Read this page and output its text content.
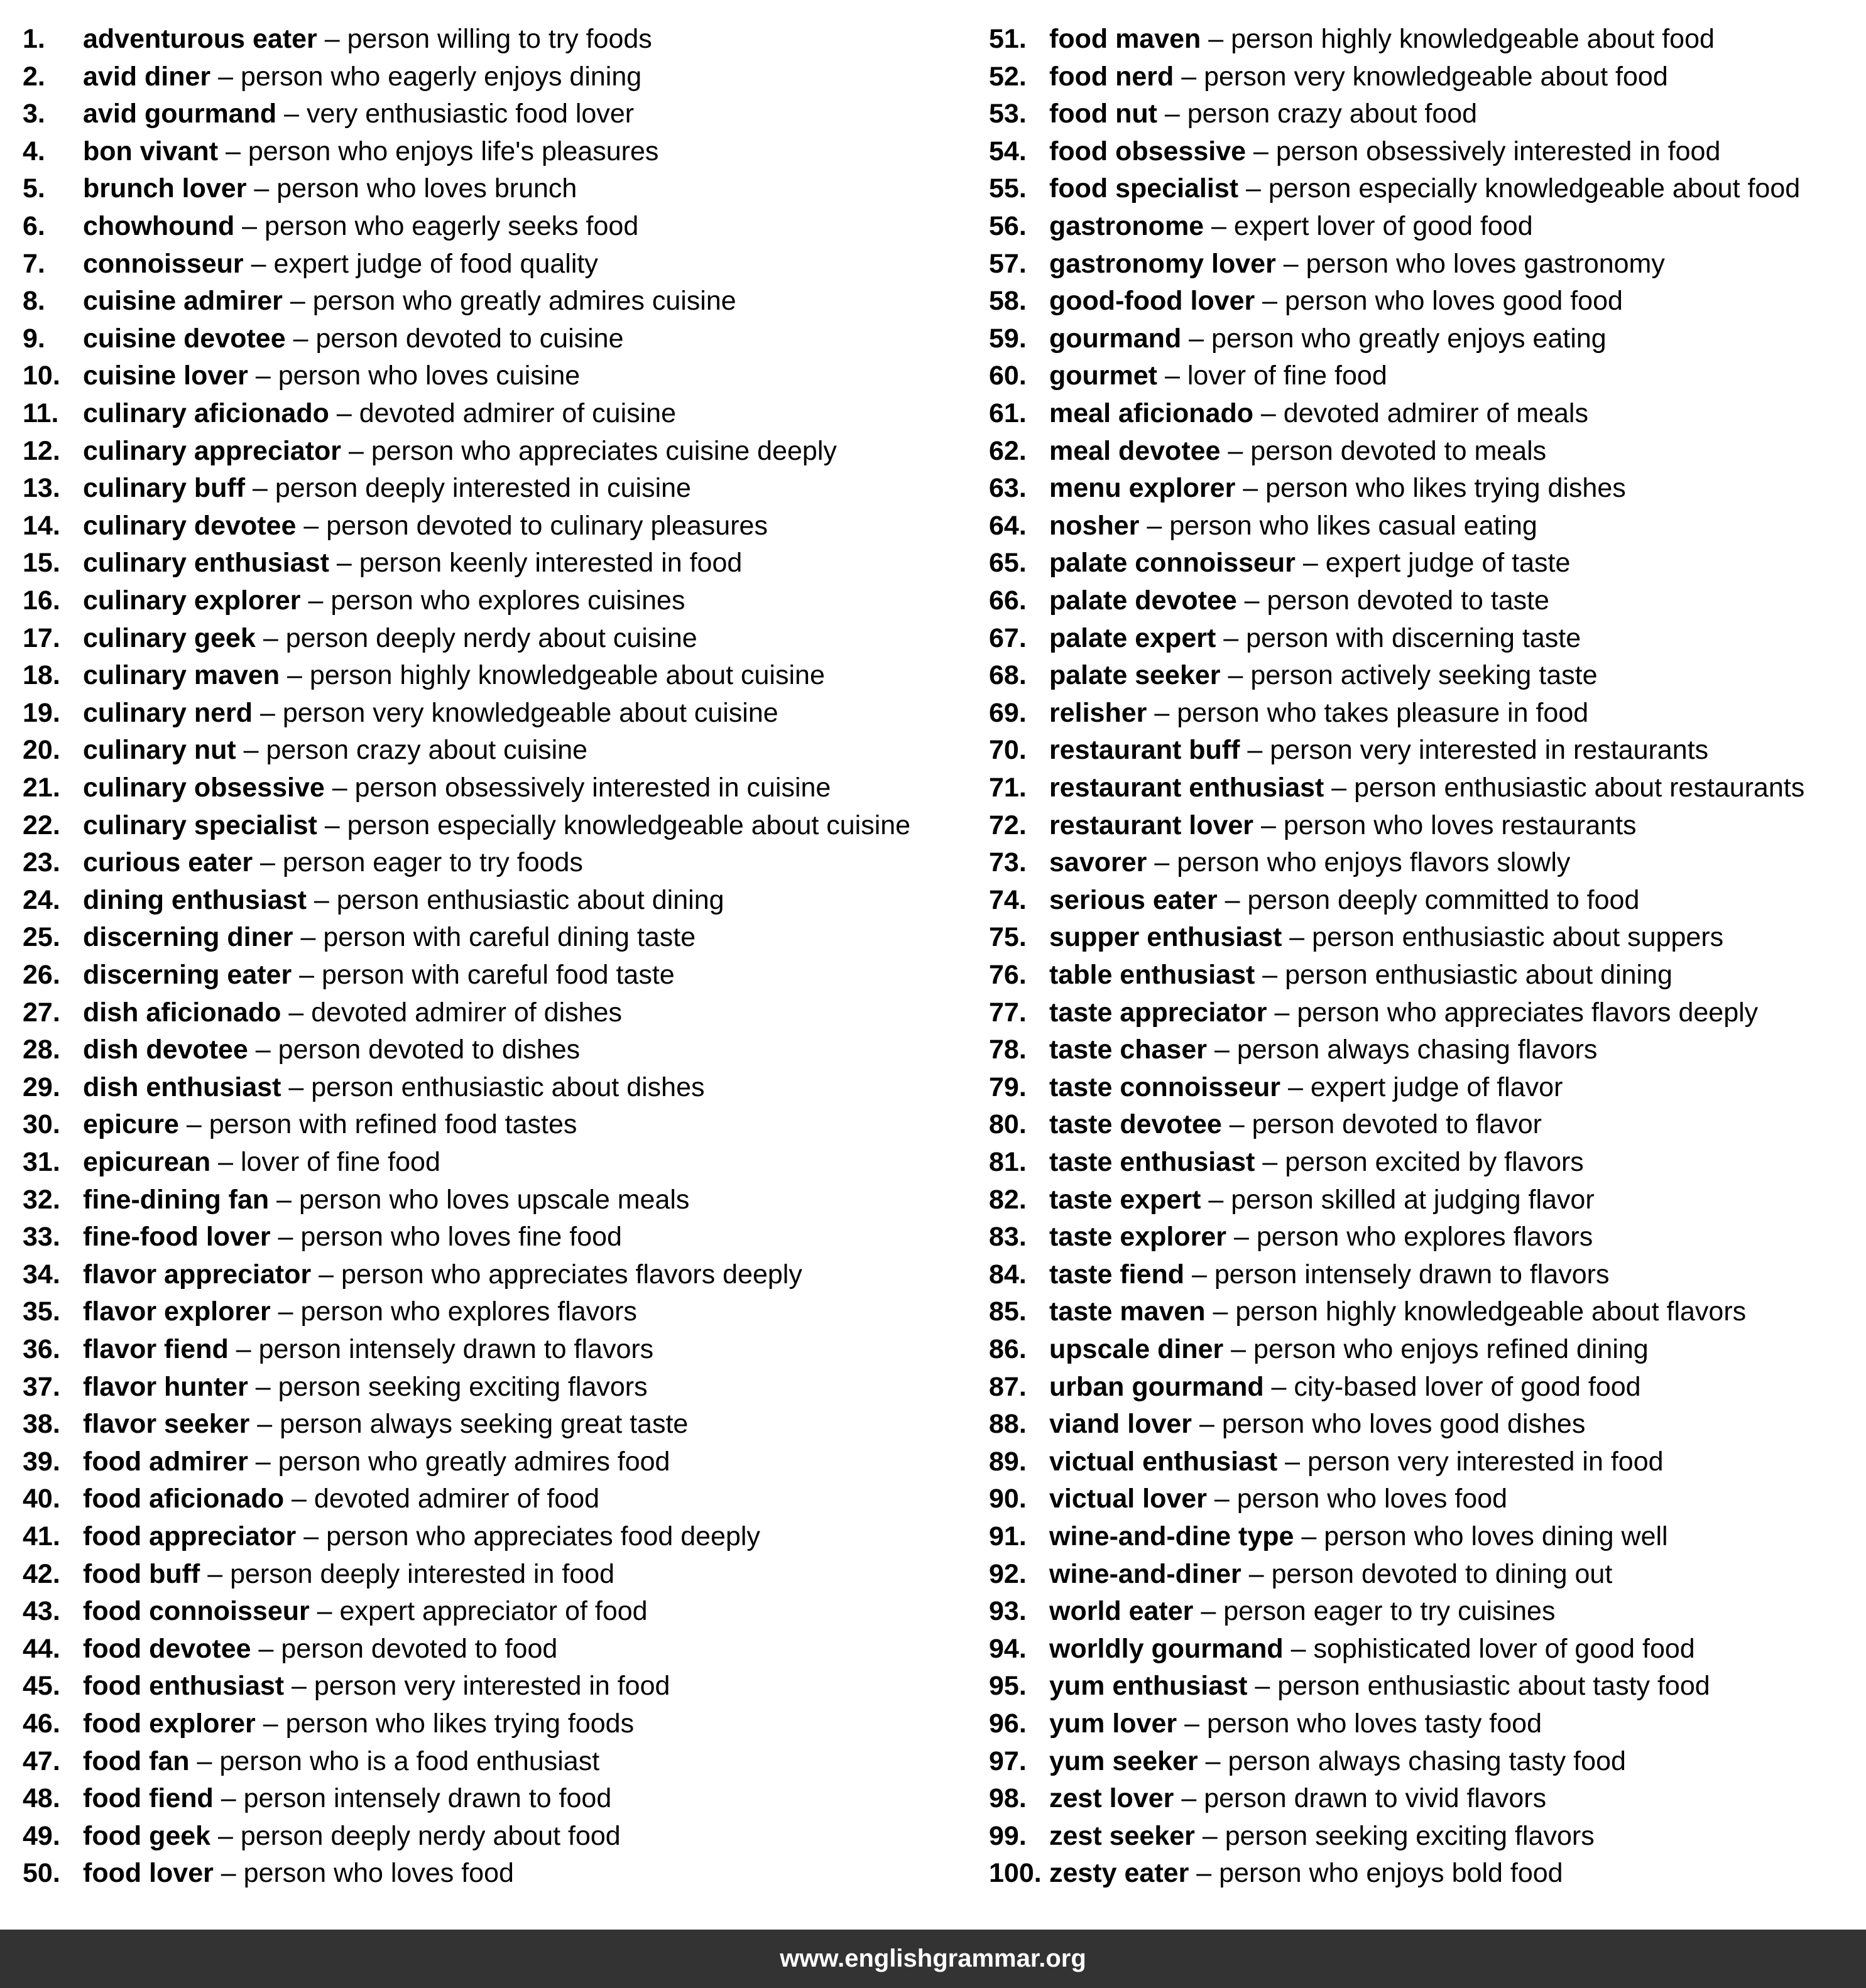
1. adventurous eater – person willing to try foods
2. avid diner – person who eagerly enjoys dining
3. avid gourmand – very enthusiastic food lover
4. bon vivant – person who enjoys life's pleasures
5. brunch lover – person who loves brunch
6. chowhound – person who eagerly seeks food
7. connoisseur – expert judge of food quality
8. cuisine admirer – person who greatly admires cuisine
9. cuisine devotee – person devoted to cuisine
10. cuisine lover – person who loves cuisine
11. culinary aficionado – devoted admirer of cuisine
12. culinary appreciator – person who appreciates cuisine deeply
13. culinary buff – person deeply interested in cuisine
14. culinary devotee – person devoted to culinary pleasures
15. culinary enthusiast – person keenly interested in food
16. culinary explorer – person who explores cuisines
17. culinary geek – person deeply nerdy about cuisine
18. culinary maven – person highly knowledgeable about cuisine
19. culinary nerd – person very knowledgeable about cuisine
20. culinary nut – person crazy about cuisine
21. culinary obsessive – person obsessively interested in cuisine
22. culinary specialist – person especially knowledgeable about cuisine
23. curious eater – person eager to try foods
24. dining enthusiast – person enthusiastic about dining
25. discerning diner – person with careful dining taste
26. discerning eater – person with careful food taste
27. dish aficionado – devoted admirer of dishes
28. dish devotee – person devoted to dishes
29. dish enthusiast – person enthusiastic about dishes
30. epicure – person with refined food tastes
31. epicurean – lover of fine food
32. fine-dining fan – person who loves upscale meals
33. fine-food lover – person who loves fine food
34. flavor appreciator – person who appreciates flavors deeply
35. flavor explorer – person who explores flavors
36. flavor fiend – person intensely drawn to flavors
37. flavor hunter – person seeking exciting flavors
38. flavor seeker – person always seeking great taste
39. food admirer – person who greatly admires food
40. food aficionado – devoted admirer of food
41. food appreciator – person who appreciates food deeply
42. food buff – person deeply interested in food
43. food connoisseur – expert appreciator of food
44. food devotee – person devoted to food
45. food enthusiast – person very interested in food
46. food explorer – person who likes trying foods
47. food fan – person who is a food enthusiast
48. food fiend – person intensely drawn to food
49. food geek – person deeply nerdy about food
50. food lover – person who loves food
51. food maven – person highly knowledgeable about food
52. food nerd – person very knowledgeable about food
53. food nut – person crazy about food
54. food obsessive – person obsessively interested in food
55. food specialist – person especially knowledgeable about food
56. gastronome – expert lover of good food
57. gastronomy lover – person who loves gastronomy
58. good-food lover – person who loves good food
59. gourmand – person who greatly enjoys eating
60. gourmet – lover of fine food
61. meal aficionado – devoted admirer of meals
62. meal devotee – person devoted to meals
63. menu explorer – person who likes trying dishes
64. nosher – person who likes casual eating
65. palate connoisseur – expert judge of taste
66. palate devotee – person devoted to taste
67. palate expert – person with discerning taste
68. palate seeker – person actively seeking taste
69. relisher – person who takes pleasure in food
70. restaurant buff – person very interested in restaurants
71. restaurant enthusiast – person enthusiastic about restaurants
72. restaurant lover – person who loves restaurants
73. savorer – person who enjoys flavors slowly
74. serious eater – person deeply committed to food
75. supper enthusiast – person enthusiastic about suppers
76. table enthusiast – person enthusiastic about dining
77. taste appreciator – person who appreciates flavors deeply
78. taste chaser – person always chasing flavors
79. taste connoisseur – expert judge of flavor
80. taste devotee – person devoted to flavor
81. taste enthusiast – person excited by flavors
82. taste expert – person skilled at judging flavor
83. taste explorer – person who explores flavors
84. taste fiend – person intensely drawn to flavors
85. taste maven – person highly knowledgeable about flavors
86. upscale diner – person who enjoys refined dining
87. urban gourmand – city-based lover of good food
88. viand lover – person who loves good dishes
89. victual enthusiast – person very interested in food
90. victual lover – person who loves food
91. wine-and-dine type – person who loves dining well
92. wine-and-diner – person devoted to dining out
93. world eater – person eager to try cuisines
94. worldly gourmand – sophisticated lover of good food
95. yum enthusiast – person enthusiastic about tasty food
96. yum lover – person who loves tasty food
97. yum seeker – person always chasing tasty food
98. zest lover – person drawn to vivid flavors
99. zest seeker – person seeking exciting flavors
100. zesty eater – person who enjoys bold food
www.englishgrammar.org
